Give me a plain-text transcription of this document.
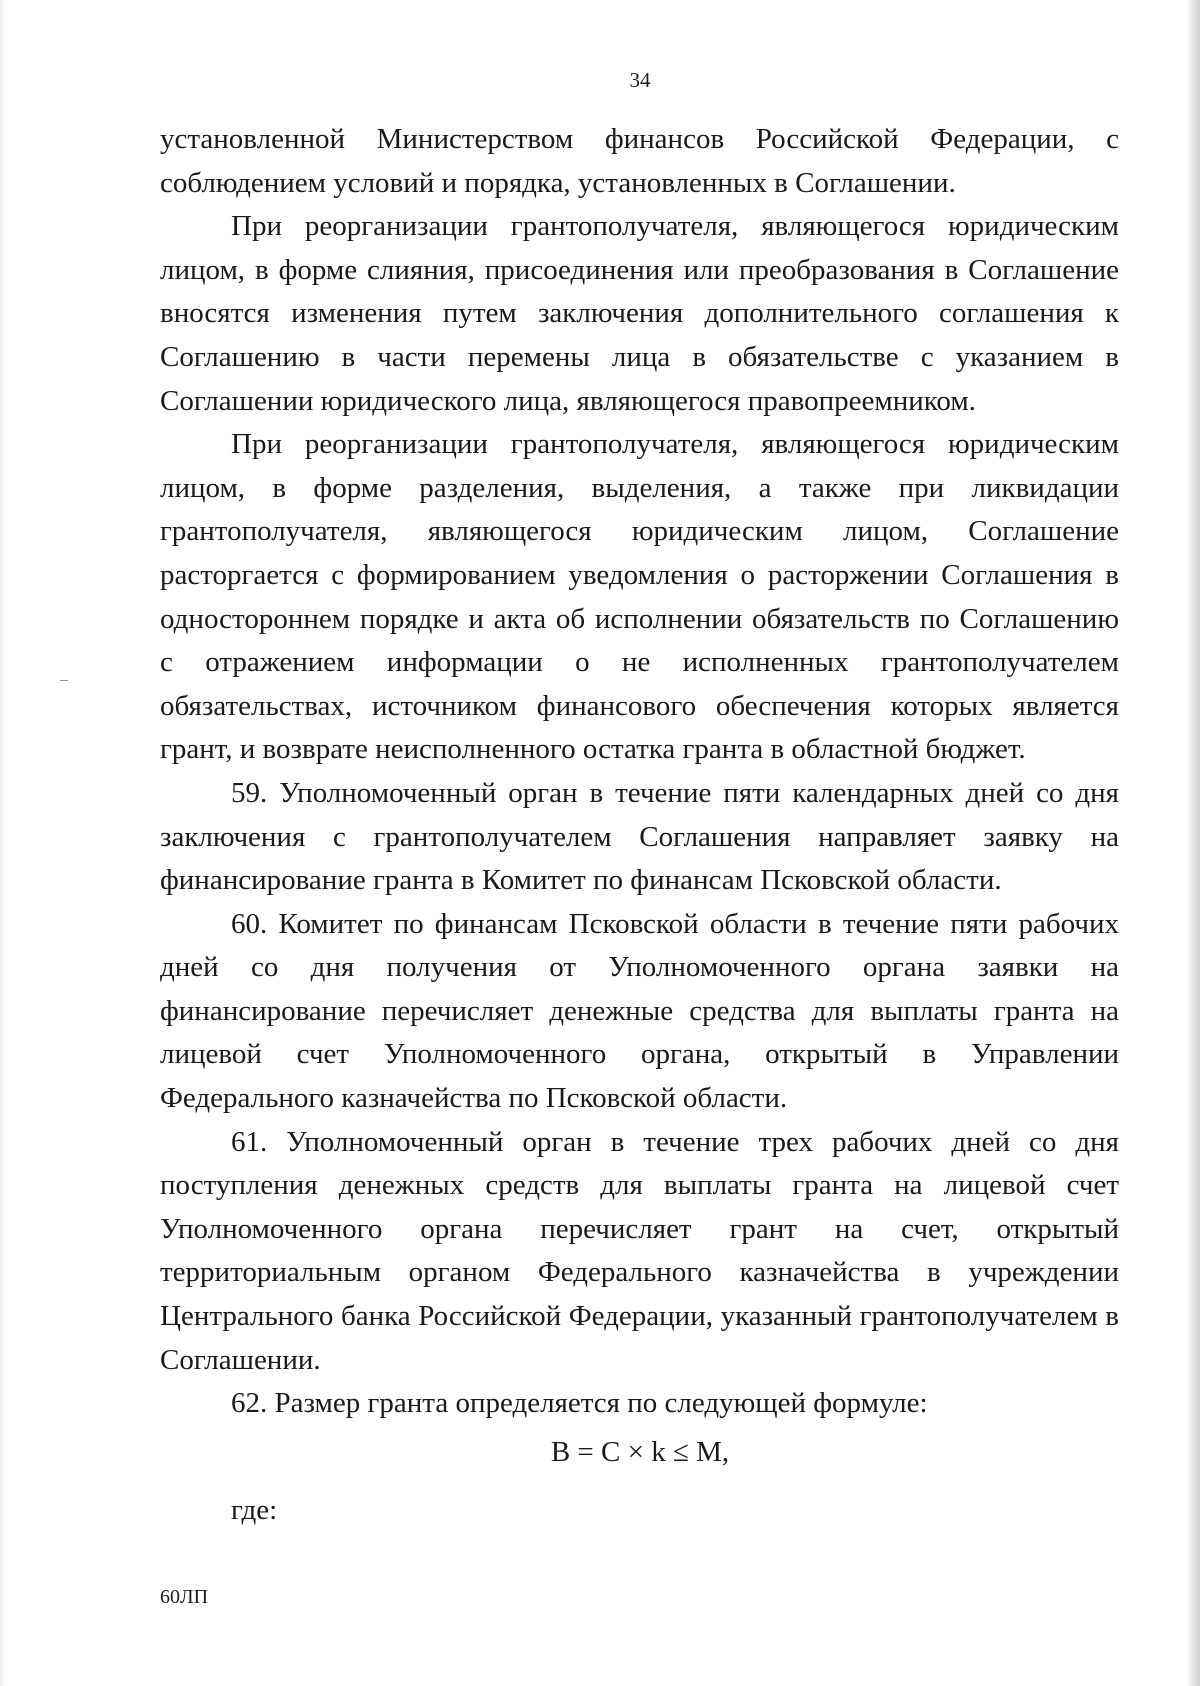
34

установленной Министерством финансов Российской Федерации, с соблюдением условий и порядка, установленных в Соглашении.

При реорганизации грантополучателя, являющегося юридическим лицом, в форме слияния, присоединения или преобразования в Соглашение вносятся изменения путем заключения дополнительного соглашения к Соглашению в части перемены лица в обязательстве с указанием в Соглашении юридического лица, являющегося правопреемником.

При реорганизации грантополучателя, являющегося юридическим лицом, в форме разделения, выделения, а также при ликвидации грантополучателя, являющегося юридическим лицом, Соглашение расторгается с формированием уведомления о расторжении Соглашения в одностороннем порядке и акта об исполнении обязательств по Соглашению с отражением информации о не исполненных грантополучателем обязательствах, источником финансового обеспечения которых является грант, и возврате неисполненного остатка гранта в областной бюджет.

59. Уполномоченный орган в течение пяти календарных дней со дня заключения с грантополучателем Соглашения направляет заявку на финансирование гранта в Комитет по финансам Псковской области.

60. Комитет по финансам Псковской области в течение пяти рабочих дней со дня получения от Уполномоченного органа заявки на финансирование перечисляет денежные средства для выплаты гранта на лицевой счет Уполномоченного органа, открытый в Управлении Федерального казначейства по Псковской области.

61. Уполномоченный орган в течение трех рабочих дней со дня поступления денежных средств для выплаты гранта на лицевой счет Уполномоченного органа перечисляет грант на счет, открытый территориальным органом Федерального казначейства в учреждении Центрального банка Российской Федерации, указанный грантополучателем в Соглашении.

62. Размер гранта определяется по следующей формуле:

B = C × k ≤ M,
где:
60ЛП
